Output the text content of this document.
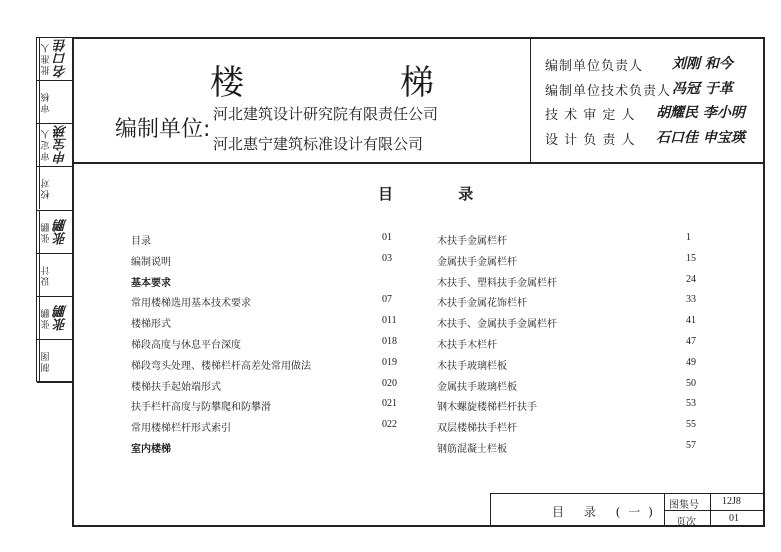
批准人 名口佳
审核
审定人 申宝瑛
校对
张鹏 张鹏
设计
张鹏 张鹏
制图
楼	梯
编制单位:
河北建筑设计研究院有限责任公司
河北惠宁建筑标准设计有限公司
编制单位负责人 刘刚 和今
编制单位技术负责人 冯冠 于革
技 术 审 定 人 胡耀民 李小明
设 计 负 责 人 石口佳 申宝瑛
目 录
目录	01
编制说明	03
基本要求
常用楼梯选用基本技术要求	07
楼梯形式	011
梯段高度与休息平台深度	018
梯段弯头处理、楼梯栏杆高差处常用做法	019
楼梯扶手起始端形式	020
扶手栏杆高度与防攀爬和防攀滑	021
常用楼梯栏杆形式索引	022
室内楼梯
木扶手金属栏杆	1
金属扶手金属栏杆	15
木扶手、塑料扶手金属栏杆	24
木扶手金属花饰栏杆	33
木扶手、金属扶手金属栏杆	41
木扶手木栏杆	47
木扶手玻璃栏板	49
金属扶手玻璃栏板	50
钢木螺旋楼梯栏杆扶手	53
双层楼梯扶手栏杆	55
钢筋混凝土栏板	57
目 录 (一) 图集号 12J8
页次	01
